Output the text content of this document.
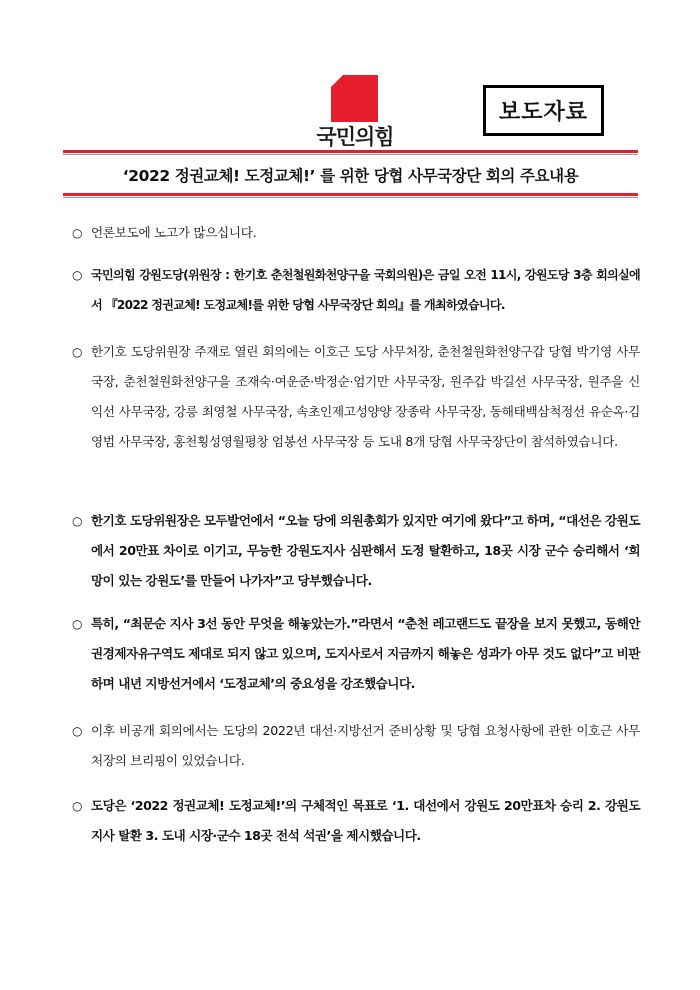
국민의힘
보도자료
‘2022 정권교체! 도정교체!’ 를 위한 당협 사무국장단 회의 주요내용
○ 언론보도에 노고가 많으십니다.
○ 국민의힘 강원도당(위원장 : 한기호 춘천철원화천양구을 국회의원)은 금일 오전 11시, 강원도당 3층 회의실에서 『2022 정권교체! 도정교체!를 위한 당협 사무국장단 회의』를 개최하였습니다.
○ 한기호 도당위원장 주재로 열린 회의에는 이호근 도당 사무처장, 춘천철원화천양구갑 당협 박기영 사무국장, 춘천철원화천양구을 조재숙·여운준·박정순·엄기만 사무국장, 원주갑 박길선 사무국장, 원주을 신익선 사무국장, 강릉 최영철 사무국장, 속초인제고성양양 장종락 사무국장, 동해태백삼척정선 유순옥·김영범 사무국장, 홍천횡성영월평창 엄봉선 사무국장 등 도내 8개 당협 사무국장단이 참석하였습니다.
○ 한기호 도당위원장은 모두발언에서 “오늘 당에 의원총회가 있지만 여기에 왔다”고 하며, “대선은 강원도에서 20만표 차이로 이기고, 무능한 강원도지사 심판해서 도정 탈환하고, 18곳 시장 군수 승리해서 ‘희망이 있는 강원도’를 만들어 나가자”고 당부했습니다.
○ 특히, “최문순 지사 3선 동안 무엇을 해놓았는가.”라면서 “춘천 레고랜드도 끝장을 보지 못했고, 동해안권경제자유구역도 제대로 되지 않고 있으며, 도지사로서 지금까지 해놓은 성과가 아무 것도 없다”고 비판하며 내년 지방선거에서 ‘도정교체’의 중요성을 강조했습니다.
○ 이후 비공개 회의에서는 도당의 2022년 대선·지방선거 준비상황 및 당협 요청사항에 관한 이호근 사무처장의 브리핑이 있었습니다.
○ 도당은 ‘2022 정권교체! 도정교체!’의 구체적인 목표로 ‘1. 대선에서 강원도 20만표차 승리 2. 강원도지사 탈환 3. 도내 시장·군수 18곳 전석 석권’을 제시했습니다.
